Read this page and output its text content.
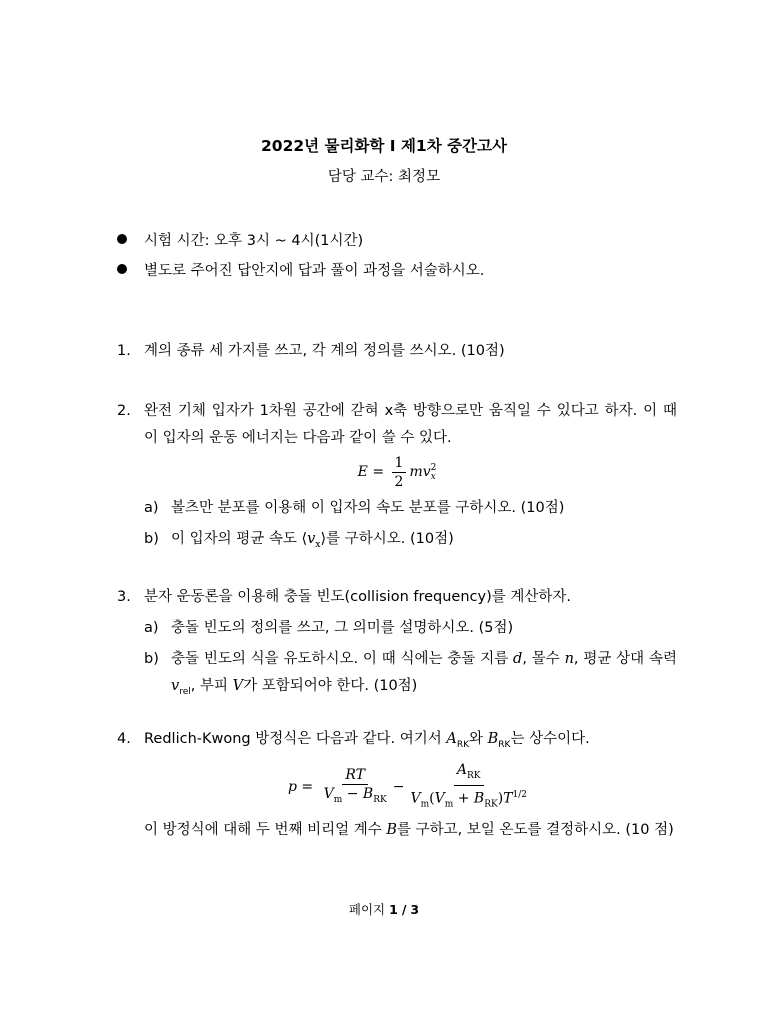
2022년 물리화학 I 제1차 중간고사
담당 교수: 최정모
시험 시간: 오후 3시 ~ 4시(1시간)
별도로 주어진 답안지에 답과 풀이 과정을 서술하시오.
1. 계의 종류 세 가지를 쓰고, 각 계의 정의를 쓰시오. (10점)
2. 완전 기체 입자가 1차원 공간에 갇혀 x축 방향으로만 움직일 수 있다고 하자. 이 때 이 입자의 운동 에너지는 다음과 같이 쓸 수 있다.
$E = \frac{1}{2}$ mv 2
x
a) 볼츠만 분포를 이용해 이 입자의 속도 분포를 구하시오. (10점)
b) 이 입자의 평균 속도 $⟨v_x⟩$를 구하시오. (10점)
3. 분자 운동론을 이용해 충돌 빈도(collision frequency)를 계산하자.
a) 충돌 빈도의 정의를 쓰고, 그 의미를 설명하시오. (5점)
b) 충돌 빈도의 식을 유도하시오. 이 때 식에는 충돌 지름 d, 몰수 n, 평균 상대 속력 $v_{rel}$, 부피 V가 포함되어야 한다. (10점)
4. Redlich-Kwong 방정식은 다음과 같다. 여기서 $A_{RK}$와 $B_{RK}$는 상수이다.
$p = \frac{RT}{V_m - B_{RK}} - \frac{A_{RK}}{V_m(V_m + B_{RK})T^{1/2}}$
이 방정식에 대해 두 번째 비리얼 계수 B를 구하고, 보일 온도를 결정하시오. (10 점)
페이지 1 / 3
